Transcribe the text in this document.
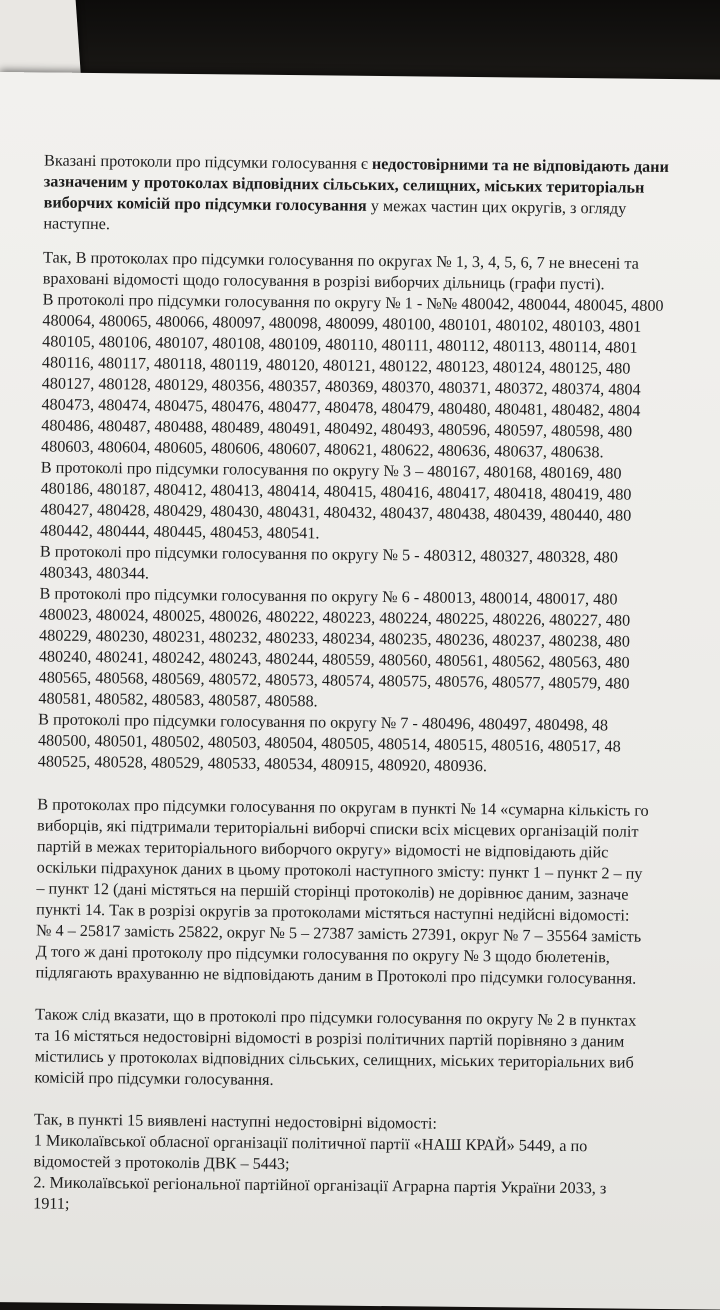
Вказані протоколи про підсумки голосування є недостовірними та не відповідають дани
зазначеним у протоколах відповідних сільських, селищних, міських територіальн
виборчих комісій про підсумки голосування у межах частин цих округів, з огляду
наступне.
Так, В протоколах про підсумки голосування по округах № 1, 3, 4, 5, 6, 7 не внесені та
враховані відомості щодо голосування в розрізі виборчих дільниць (графи пусті).
В протоколі про підсумки голосування по округу № 1 - №№ 480042, 480044, 480045, 4800
480064, 480065, 480066, 480097, 480098, 480099, 480100, 480101, 480102, 480103, 4801
480105, 480106, 480107, 480108, 480109, 480110, 480111, 480112, 480113, 480114, 4801
480116, 480117, 480118, 480119, 480120, 480121, 480122, 480123, 480124, 480125, 480
480127, 480128, 480129, 480356, 480357, 480369, 480370, 480371, 480372, 480374, 4804
480473, 480474, 480475, 480476, 480477, 480478, 480479, 480480, 480481, 480482, 4804
480486, 480487, 480488, 480489, 480491, 480492, 480493, 480596, 480597, 480598, 480
480603, 480604, 480605, 480606, 480607, 480621, 480622, 480636, 480637, 480638.
В протоколі про підсумки голосування по округу № 3 – 480167, 480168, 480169, 480
480186, 480187, 480412, 480413, 480414, 480415, 480416, 480417, 480418, 480419, 480
480427, 480428, 480429, 480430, 480431, 480432, 480437, 480438, 480439, 480440, 480
480442, 480444, 480445, 480453, 480541.
В протоколі про підсумки голосування по округу № 5 - 480312, 480327, 480328, 480
480343, 480344.
В протоколі про підсумки голосування по округу № 6 - 480013, 480014, 480017, 480
480023, 480024, 480025, 480026, 480222, 480223, 480224, 480225, 480226, 480227, 480
480229, 480230, 480231, 480232, 480233, 480234, 480235, 480236, 480237, 480238, 480
480240, 480241, 480242, 480243, 480244, 480559, 480560, 480561, 480562, 480563, 480
480565, 480568, 480569, 480572, 480573, 480574, 480575, 480576, 480577, 480579, 480
480581, 480582, 480583, 480587, 480588.
В протоколі про підсумки голосування по округу № 7 - 480496, 480497, 480498, 48
480500, 480501, 480502, 480503, 480504, 480505, 480514, 480515, 480516, 480517, 48
480525, 480528, 480529, 480533, 480534, 480915, 480920, 480936.
В протоколах про підсумки голосування по округам в пункті № 14 «сумарна кількість го
виборців, які підтримали територіальні виборчі списки всіх місцевих організацій політ
партій в межах територіального виборчого округу» відомості не відповідають дійс
оскільки підрахунок даних в цьому протоколі наступного змісту: пункт 1 – пункт 2 – пу
– пункт 12 (дані містяться на першій сторінці протоколів) не дорівнює даним, зазначе
пункті 14. Так в розрізі округів за протоколами містяться наступні недійсні відомості:
№ 4 – 25817 замість 25822, округ № 5 – 27387 замість 27391, округ № 7 – 35564 замість
Д того ж дані протоколу про підсумки голосування по округу № 3 щодо бюлетенів,
підлягають врахуванню не відповідають даним в Протоколі про підсумки голосування.
Також слід вказати, що в протоколі про підсумки голосування по округу № 2 в пунктах
та 16 містяться недостовірні відомості в розрізі політичних партій порівняно з даним
містились у протоколах відповідних сільських, селищних, міських територіальних виб
комісій про підсумки голосування.
Так, в пункті 15 виявлені наступні недостовірні відомості:
1 Миколаївської обласної організації політичної партії «НАШ КРАЙ» 5449, а по
відомостей з протоколів ДВК – 5443;
2. Миколаївської регіональної партійної організації Аграрна партія України 2033, з
1911;
